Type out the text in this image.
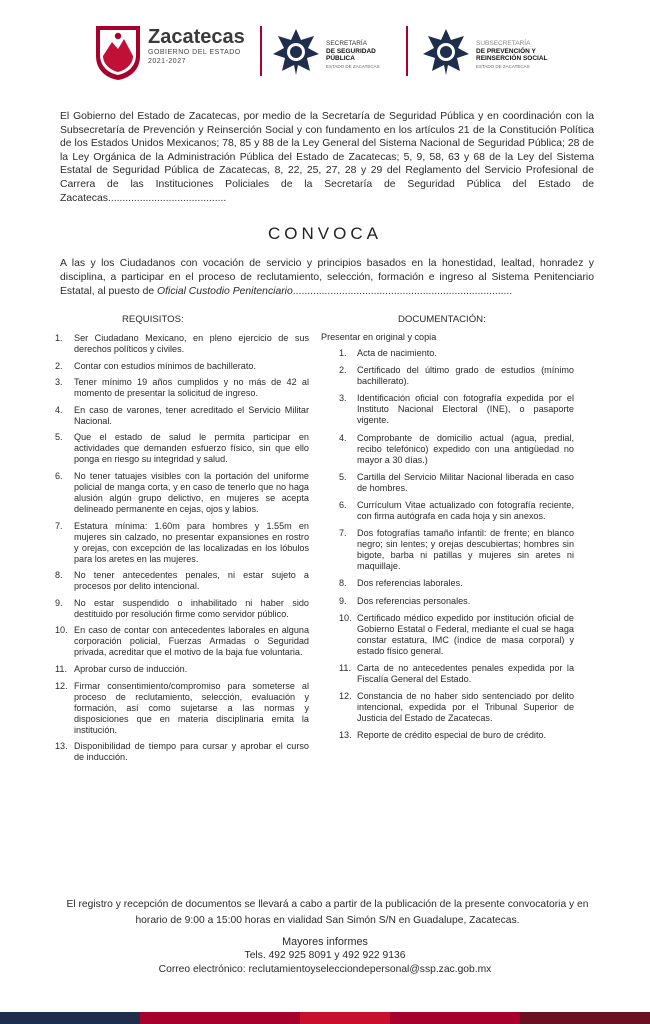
Zacatecas
GOBIERNO DEL ESTADO
2021-2027
SECRETARÍA
DE SEGURIDAD
PÚBLICA
ESTADO DE ZACATECAS
SUBSECRETARÍA
DE PREVENCIÓN Y
REINSERCIÓN SOCIAL
ESTADO DE ZACATECAS
El Gobierno del Estado de Zacatecas, por medio de la Secretaría de Seguridad Pública y en coordinación con la Subsecretaría de Prevención y Reinserción Social y con fundamento en los artículos 21 de la Constitución Política de los Estados Unidos Mexicanos; 78, 85 y 88 de la Ley General del Sistema Nacional de Seguridad Pública; 28 de la Ley Orgánica de la Administración Pública del Estado de Zacatecas; 5, 9, 58, 63 y 68 de la Ley del Sistema Estatal de Seguridad Pública de Zacatecas, 8, 22, 25, 27, 28 y 29 del Reglamento del Servicio Profesional de Carrera de las Instituciones Policiales de la Secretaría de Seguridad Pública del Estado de Zacatecas.........................................
CONVOCA
A las y los Ciudadanos con vocación de servicio y principios basados en la honestidad, lealtad, honradez y disciplina, a participar en el proceso de reclutamiento, selección, formación e ingreso al Sistema Penitenciario Estatal, al puesto de Oficial Custodio Penitenciario............................................................................
REQUISITOS:	DOCUMENTACIÓN:
1. Ser Ciudadano Mexicano, en pleno ejercicio de sus derechos políticos y civiles.
2. Contar con estudios mínimos de bachillerato.
3. Tener mínimo 19 años cumplidos y no más de 42 al momento de presentar la solicitud de ingreso.
4. En caso de varones, tener acreditado el Servicio Militar Nacional.
5. Que el estado de salud le permita participar en actividades que demanden esfuerzo físico, sin que ello ponga en riesgo su integridad y salud.
6. No tener tatuajes visibles con la portación del uniforme policial de manga corta, y en caso de tenerlo que no haga alusión algún grupo delictivo, en mujeres se acepta delineado permanente en cejas, ojos y labios.
7. Estatura mínima: 1.60m para hombres y 1.55m en mujeres sin calzado, no presentar expansiones en rostro y orejas, con excepción de las localizadas en los lóbulos para los aretes en las mujeres.
8. No tener antecedentes penales, ni estar sujeto a procesos por delito intencional.
9. No estar suspendido o inhabilitado ni haber sido destituido por resolución firme como servidor público.
10. En caso de contar con antecedentes laborales en alguna corporación policial, Fuerzas Armadas o Seguridad privada, acreditar que el motivo de la baja fue voluntaria.
11. Aprobar curso de inducción.
12. Firmar consentimiento/compromiso para someterse al proceso de reclutamiento, selección, evaluación y formación, así como sujetarse a las normas y disposiciones que en materia disciplinaria emita la institución.
13. Disponibilidad de tiempo para cursar y aprobar el curso de inducción.
Presentar en original y copia
1. Acta de nacimiento.
2. Certificado del último grado de estudios (mínimo bachillerato).
3. Identificación oficial con fotografía expedida por el Instituto Nacional Electoral (INE), o pasaporte vigente.
4. Comprobante de domicilio actual (agua, predial, recibo telefónico) expedido con una antigüedad no mayor a 30 días.)
5. Cartilla del Servicio Militar Nacional liberada en caso de hombres.
6. Currículum Vitae actualizado con fotografía reciente, con firma autógrafa en cada hoja y sin anexos.
7. Dos fotografías tamaño infantil: de frente; en blanco negro; sin lentes; y orejas descubiertas; hombres sin bigote, barba ni patillas y mujeres sin aretes ni maquillaje.
8. Dos referencias laborales.
9. Dos referencias personales.
10. Certificado médico expedido por institución oficial de Gobierno Estatal o Federal, mediante el cual se haga constar estatura, IMC (índice de masa corporal) y estado físico general.
11. Carta de no antecedentes penales expedida por la Fiscalía General del Estado.
12. Constancia de no haber sido sentenciado por delito intencional, expedida por el Tribunal Superior de Justicia del Estado de Zacatecas.
13. Reporte de crédito especial de buro de crédito.
El registro y recepción de documentos se llevará a cabo a partir de la publicación de la presente convocatoria y en horario de 9:00 a 15:00 horas en vialidad San Simón S/N en Guadalupe, Zacatecas.
Mayores informes
Tels. 492 925 8091 y 492 922 9136
Correo electrónico: reclutamientoyselecciondepersonal@ssp.zac.gob.mx
